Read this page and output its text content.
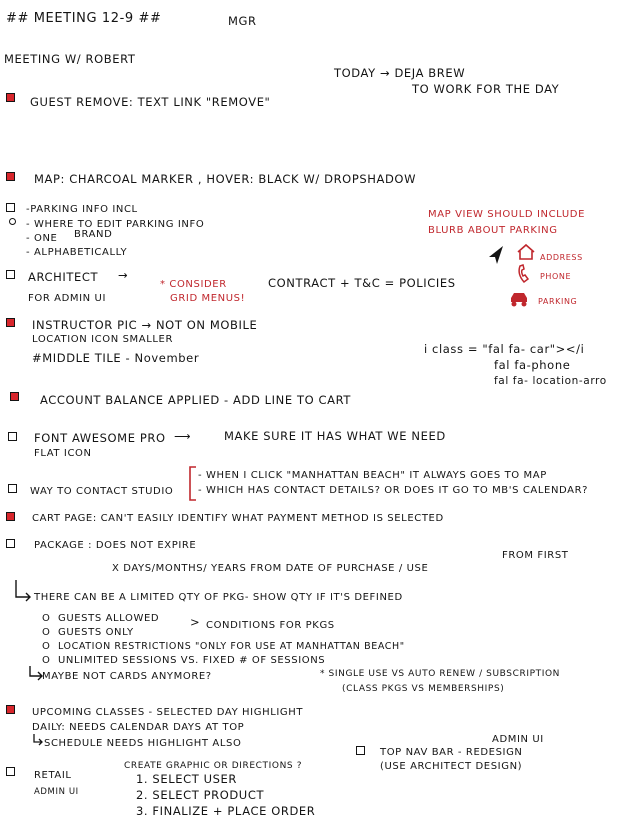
## MEETING 12-9 ##	MGR
MEETING W/ ROBERT
TODAY → DEJA BREW
TO WORK FOR THE DAY
GUEST REMOVE: TEXT LINK "REMOVE"
MAP: CHARCOAL MARKER , HOVER: BLACK W/ DROPSHADOW
-PARKING INFO INCL
- WHERE TO EDIT PARKING INFO
- ONE BRAND
- ALPHABETICALLY
MAP VIEW SHOULD INCLUDE
BLURB ABOUT PARKING
ADDRESS
PHONE
PARKING
ARCHITECT →
* CONSIDER
GRID MENUS!
CONTRACT + T&C = POLICIES
FOR ADMIN UI
INSTRUCTOR PIC → NOT ON MOBILE
LOCATION ICON SMALLER
#MIDDLE TILE - November
i class = "fal fa- car"></i
fal fa-phone
fal fa- location-arro
ACCOUNT BALANCE APPLIED - ADD LINE TO CART
FONT AWESOME PRO ⟶	MAKE SURE IT HAS WHAT WE NEED
FLAT ICON
WAY TO CONTACT STUDIO
- WHEN I CLICK "MANHATTAN BEACH" IT ALWAYS GOES TO MAP
- WHICH HAS CONTACT DETAILS? OR DOES IT GO TO MB'S CALENDAR?
CART PAGE: CAN'T EASILY IDENTIFY WHAT PAYMENT METHOD IS SELECTED
PACKAGE : DOES NOT EXPIRE
FROM FIRST
X DAYS/MONTHS/ YEARS FROM DATE OF PURCHASE / USE
THERE CAN BE A LIMITED QTY OF PKG- SHOW QTY IF IT'S DEFINED
O GUESTS ALLOWED
O GUESTS ONLY
> CONDITIONS FOR PKGS
O LOCATION RESTRICTIONS "ONLY FOR USE AT MANHATTAN BEACH"
O UNLIMITED SESSIONS VS. FIXED # OF SESSIONS
MAYBE NOT CARDS ANYMORE?	* SINGLE USE VS AUTO RENEW / SUBSCRIPTION
(CLASS PKGS VS MEMBERSHIPS)
UPCOMING CLASSES - SELECTED DAY HIGHLIGHT
DAILY: NEEDS CALENDAR DAYS AT TOP
SCHEDULE NEEDS HIGHLIGHT ALSO	ADMIN UI
TOP NAV BAR - REDESIGN
(USE ARCHITECT DESIGN)
RETAIL
ADMIN UI
CREATE GRAPHIC OR DIRECTIONS ?
1. SELECT USER
2. SELECT PRODUCT
3. FINALIZE + PLACE ORDER
